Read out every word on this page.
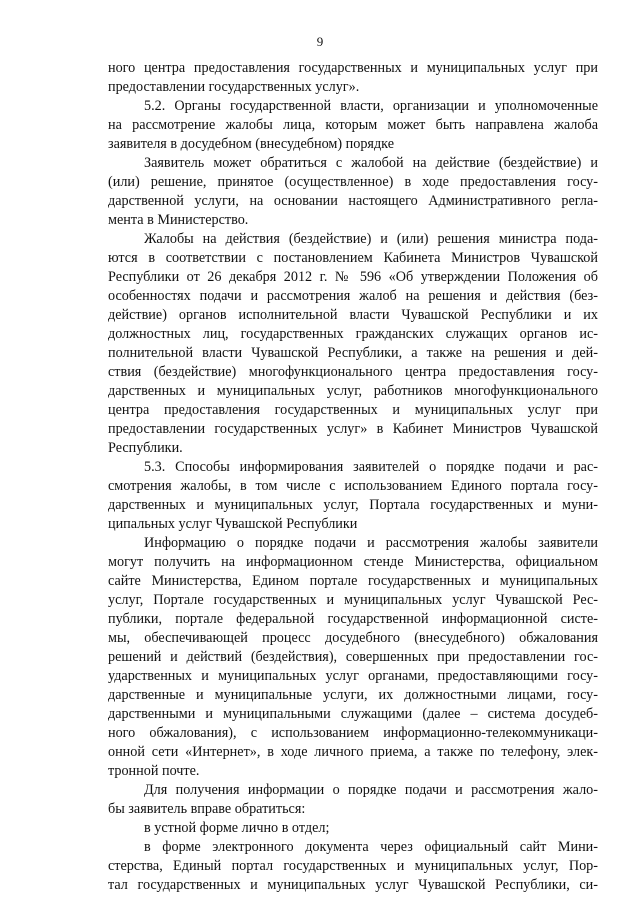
9
ного центра предоставления государственных и муниципальных услуг при
предоставлении государственных услуг».
5.2. Органы государственной власти, организации и уполномоченные
на рассмотрение жалобы лица, которым может быть направлена жалоба
заявителя в досудебном (внесудебном) порядке
Заявитель может обратиться с жалобой на действие (бездействие) и
(или) решение, принятое (осуществленное) в ходе предоставления госу-
дарственной услуги, на основании настоящего Административного регла-
мента в Министерство.
Жалобы на действия (бездействие) и (или) решения министра пода-
ются в соответствии с постановлением Кабинета Министров Чувашской
Республики от 26 декабря 2012 г. № 596 «Об утверждении Положения об
особенностях подачи и рассмотрения жалоб на решения и действия (без-
действие) органов исполнительной власти Чувашской Республики и их
должностных лиц, государственных гражданских служащих органов ис-
полнительной власти Чувашской Республики, а также на решения и дей-
ствия (бездействие) многофункционального центра предоставления госу-
дарственных и муниципальных услуг, работников многофункционального
центра предоставления государственных и муниципальных услуг при
предоставлении государственных услуг» в Кабинет Министров Чувашской
Республики.
5.3. Способы информирования заявителей о порядке подачи и рас-
смотрения жалобы, в том числе с использованием Единого портала госу-
дарственных и муниципальных услуг, Портала государственных и муни-
ципальных услуг Чувашской Республики
Информацию о порядке подачи и рассмотрения жалобы заявители
могут получить на информационном стенде Министерства, официальном
сайте Министерства, Едином портале государственных и муниципальных
услуг, Портале государственных и муниципальных услуг Чувашской Рес-
публики, портале федеральной государственной информационной систе-
мы, обеспечивающей процесс досудебного (внесудебного) обжалования
решений и действий (бездействия), совершенных при предоставлении гос-
ударственных и муниципальных услуг органами, предоставляющими госу-
дарственные и муниципальные услуги, их должностными лицами, госу-
дарственными и муниципальными служащими (далее – система досудеб-
ного обжалования), с использованием информационно-телекоммуникаци-
онной сети «Интернет», в ходе личного приема, а также по телефону, элек-
тронной почте.
Для получения информации о порядке подачи и рассмотрения жало-
бы заявитель вправе обратиться:
в устной форме лично в отдел;
в форме электронного документа через официальный сайт Мини-
стерства, Единый портал государственных и муниципальных услуг, Пор-
тал государственных и муниципальных услуг Чувашской Республики, си-
